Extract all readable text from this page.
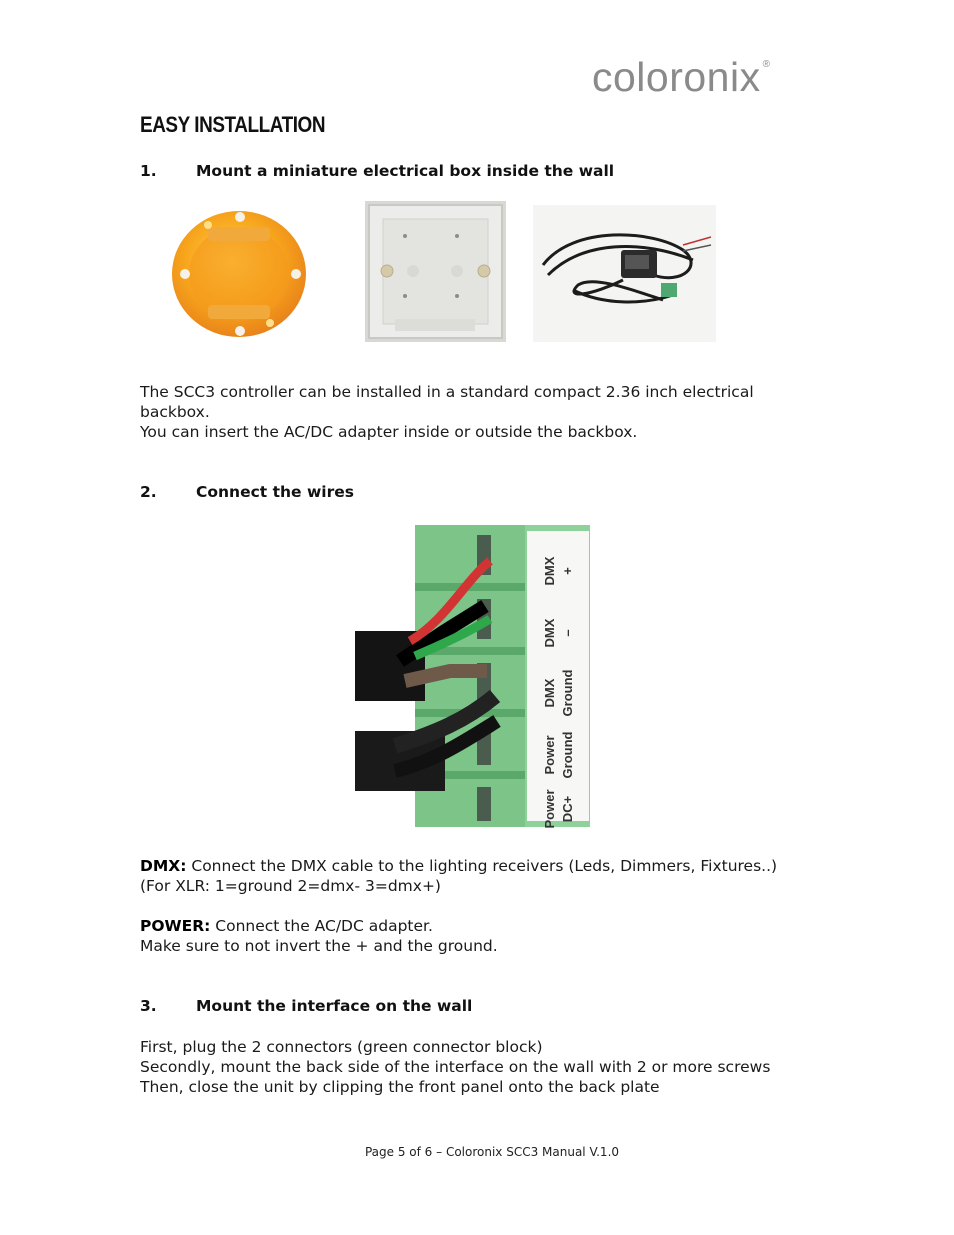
coloronix ®
EASY INSTALLATION
1.	Mount a miniature electrical box inside the wall

The SCC3 controller can be installed in a standard compact 2.36 inch electrical backbox.

You can insert the AC/DC adapter inside or outside the backbox.

2.	Connect the wires
DMX +
DMX –
DMX Ground
Power Ground
Power DC+

DMX: Connect the DMX cable to the lighting receivers (Leds, Dimmers, Fixtures..)

(For XLR: 1=ground 2=dmx- 3=dmx+)

POWER: Connect the AC/DC adapter.

Make sure to not invert the + and the ground.

3.	Mount the interface on the wall

First, plug the 2 connectors (green connector block)

Secondly, mount the back side of the interface on the wall with 2 or more screws

Then, close the unit by clipping the front panel onto the back plate

Page 5 of 6 – Coloronix SCC3 Manual V.1.0
